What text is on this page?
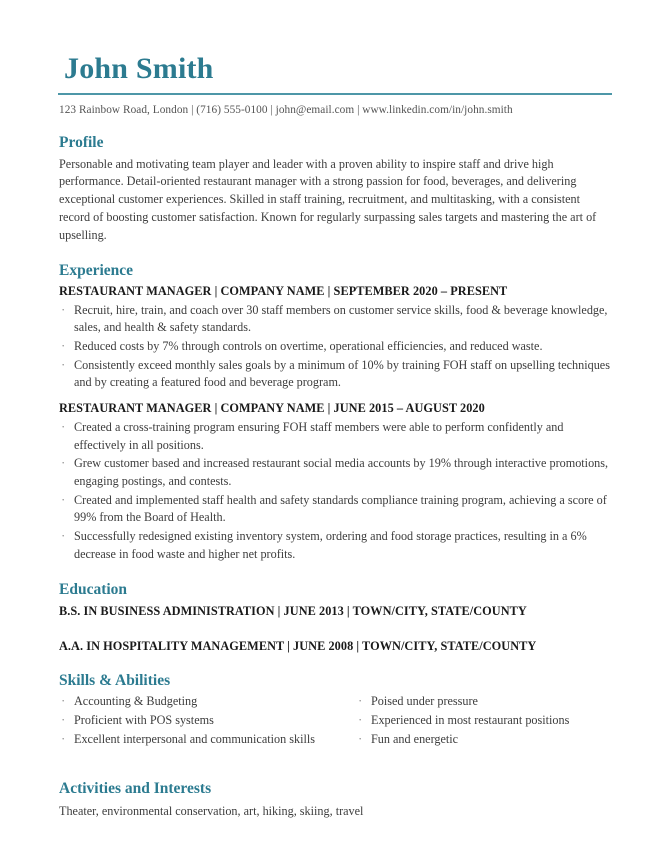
John Smith
123 Rainbow Road, London | (716) 555-0100 | john@email.com | www.linkedin.com/in/john.smith
Profile

Personable and motivating team player and leader with a proven ability to inspire staff and drive high performance. Detail-oriented restaurant manager with a strong passion for food, beverages, and delivering exceptional customer experiences. Skilled in staff training, recruitment, and multitasking, with a consistent record of boosting customer satisfaction. Known for regularly surpassing sales targets and mastering the art of upselling.

Experience
RESTAURANT MANAGER | COMPANY NAME | SEPTEMBER 2020 – PRESENT
· Recruit, hire, train, and coach over 30 staff members on customer service skills, food & beverage knowledge, sales, and health & safety standards.
· Reduced costs by 7% through controls on overtime, operational efficiencies, and reduced waste.
· Consistently exceed monthly sales goals by a minimum of 10% by training FOH staff on upselling techniques and by creating a featured food and beverage program.
RESTAURANT MANAGER | COMPANY NAME | JUNE 2015 – AUGUST 2020
· Created a cross-training program ensuring FOH staff members were able to perform confidently and effectively in all positions.
· Grew customer based and increased restaurant social media accounts by 19% through interactive promotions, engaging postings, and contests.
· Created and implemented staff health and safety standards compliance training program, achieving a score of 99% from the Board of Health.
· Successfully redesigned existing inventory system, ordering and food storage practices, resulting in a 6% decrease in food waste and higher net profits.
Education
B.S. IN BUSINESS ADMINISTRATION | JUNE 2013 | TOWN/CITY, STATE/COUNTY
A.A. IN HOSPITALITY MANAGEMENT | JUNE 2008 | TOWN/CITY, STATE/COUNTY
Skills & Abilities
· Accounting & Budgeting
· Proficient with POS systems
· Excellent interpersonal and communication skills
· Poised under pressure
· Experienced in most restaurant positions
· Fun and energetic
Activities and Interests

Theater, environmental conservation, art, hiking, skiing, travel
